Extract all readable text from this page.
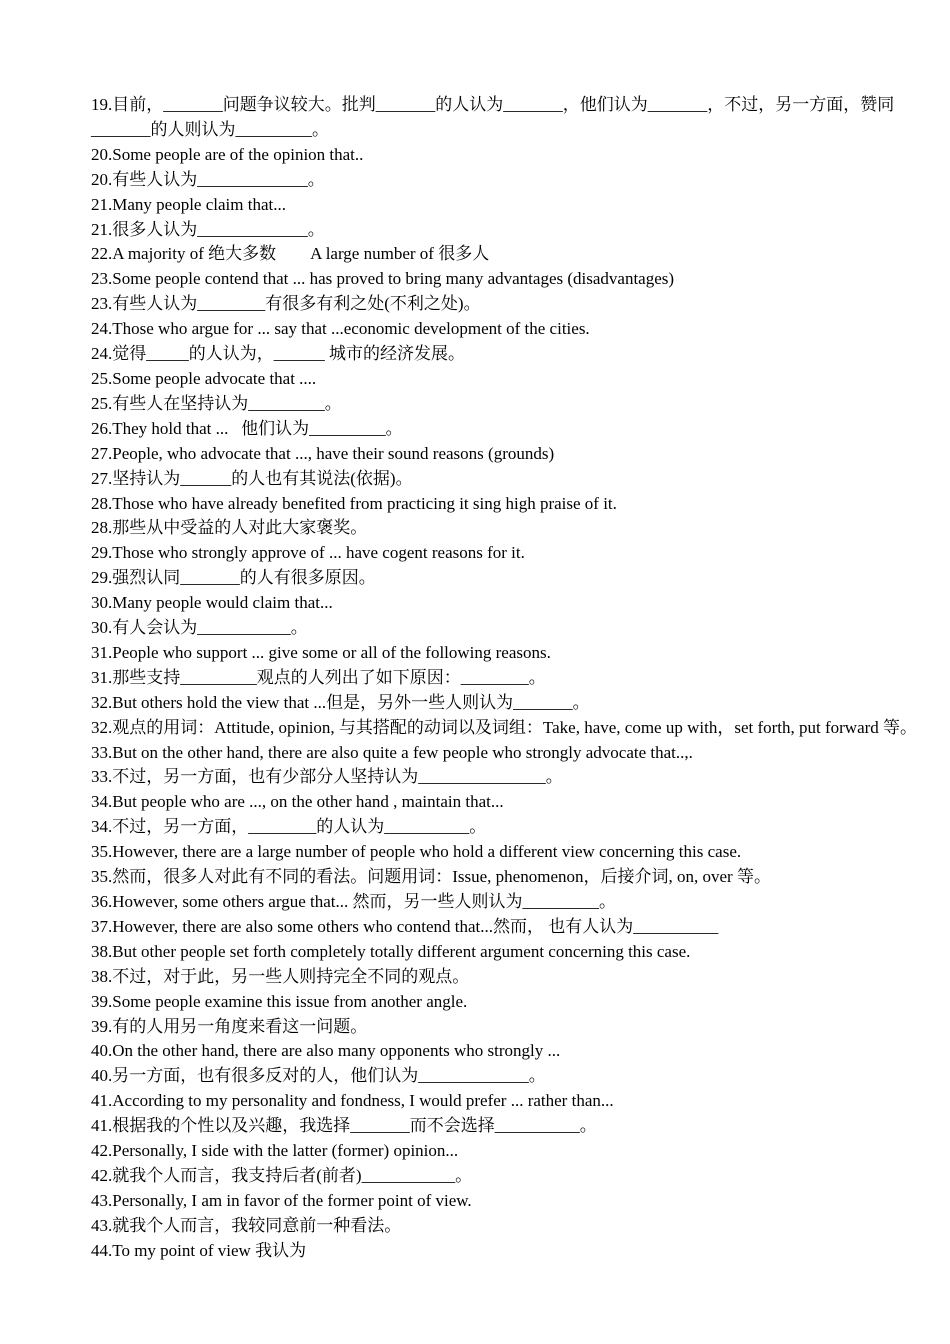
19.目前，_______问题争议较大。批判_______的人认为_______，他们认为_______，不过，另一方面，赞同_______的人则认为_________。

20.Some people are of the opinion that..

20.有些人认为_____________。

21.Many people claim that...

21.很多人认为_____________。

22.A majority of 绝大多数        A large number of 很多人

23.Some people contend that ... has proved to bring many advantages (disadvantages)

23.有些人认为________有很多有利之处(不利之处)。

24.Those who argue for ... say that ...economic development of the cities.

24.觉得_____的人认为，______ 城市的经济发展。

25.Some people advocate that ....

25.有些人在坚持认为_________。

26.They hold that ...   他们认为_________。

27.People, who advocate that ..., have their sound reasons (grounds)

27.坚持认为______的人也有其说法(依据)。

28.Those who have already benefited from practicing it sing high praise of it.

28.那些从中受益的人对此大家褒奖。

29.Those who strongly approve of ... have cogent reasons for it.

29.强烈认同_______的人有很多原因。

30.Many people would claim that...

30.有人会认为___________。

31.People who support ... give some or all of the following reasons.

31.那些支持_________观点的人列出了如下原因：________。

32.But others hold the view that ...但是，另外一些人则认为_______。

32.观点的用词：Attitude, opinion, 与其搭配的动词以及词组：Take, have, come up with，set forth, put forward 等。

33.But on the other hand, there are also quite a few people who strongly advocate that..,.

33.不过，另一方面，也有少部分人坚持认为_______________。

34.But people who are ..., on the other hand , maintain that...

34.不过，另一方面，________的人认为__________。

35.However, there are a large number of people who hold a different view concerning this case.

35.然而，很多人对此有不同的看法。问题用词：Issue, phenomenon，后接介词, on, over 等。

36.However, some others argue that... 然而，另一些人则认为_________。

37.However, there are also some others who contend that...然而， 也有人认为__________

38.But other people set forth completely totally different argument concerning this case.

38.不过，对于此，另一些人则持完全不同的观点。

39.Some people examine this issue from another angle.

39.有的人用另一角度来看这一问题。

40.On the other hand, there are also many opponents who strongly ...

40.另一方面，也有很多反对的人，他们认为_____________。

41.According to my personality and fondness, I would prefer ... rather than...

41.根据我的个性以及兴趣，我选择_______而不会选择__________。

42.Personally, I side with the latter (former) opinion...

42.就我个人而言，我支持后者(前者)___________。

43.Personally, I am in favor of the former point of view.

43.就我个人而言，我较同意前一种看法。

44.To my point of view 我认为
